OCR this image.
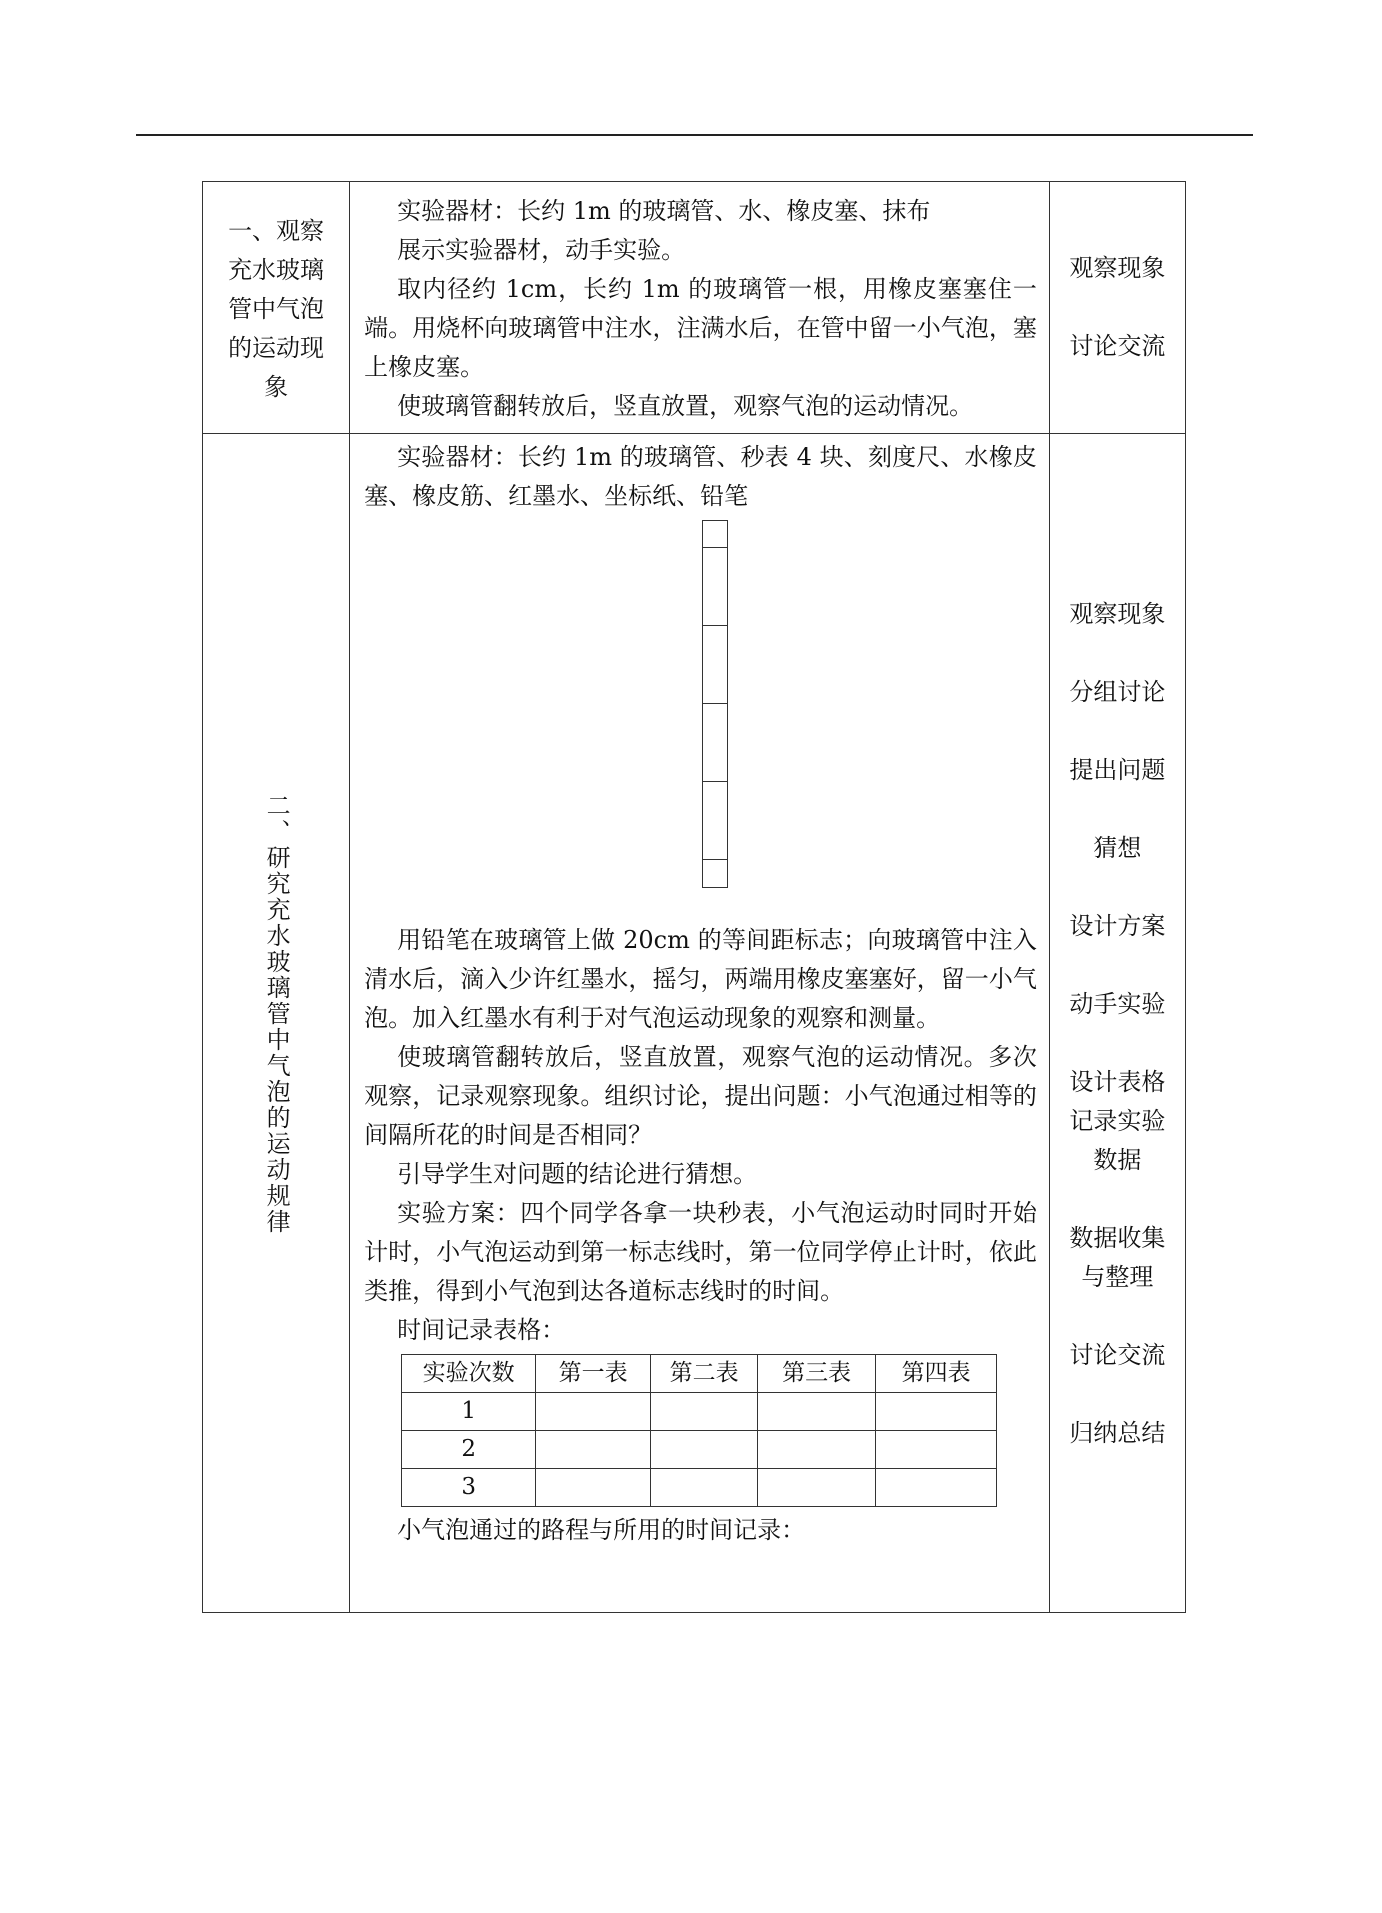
一、观察充水玻璃管中气泡的运动现象

实验器材：长约 1m 的玻璃管、水、橡皮塞、抹布

展示实验器材，动手实验。

取内径约 1cm，长约 1m 的玻璃管一根，用橡皮塞塞住一端。用烧杯向玻璃管中注水，注满水后，在管中留一小气泡，塞上橡皮塞。

使玻璃管翻转放后，竖直放置，观察气泡的运动情况。

观察现象
讨论交流

二、研究充水玻璃管中气泡的运动规律	

实验器材：长约 1m 的玻璃管、秒表 4 块、刻度尺、水橡皮塞、橡皮筋、红墨水、坐标纸、铅笔

用铅笔在玻璃管上做 20cm 的等间距标志；向玻璃管中注入清水后，滴入少许红墨水，摇匀，两端用橡皮塞塞好，留一小气泡。加入红墨水有利于对气泡运动现象的观察和测量。

使玻璃管翻转放后，竖直放置，观察气泡的运动情况。多次观察，记录观察现象。组织讨论，提出问题：小气泡通过相等的间隔所花的时间是否相同？

引导学生对问题的结论进行猜想。

实验方案：四个同学各拿一块秒表，小气泡运动时同时开始计时，小气泡运动到第一标志线时，第一位同学停止计时，依此类推，得到小气泡到达各道标志线时的时间。

时间记录表格：

实验次数	第一表	第二表	第三表	第四表
1				
2				
3				

小气泡通过的路程与所用的时间记录：

观察现象
分组讨论
提出问题
猜想
设计方案
动手实验
设计表格记录实验数据
数据收集与整理
讨论交流
归纳总结
